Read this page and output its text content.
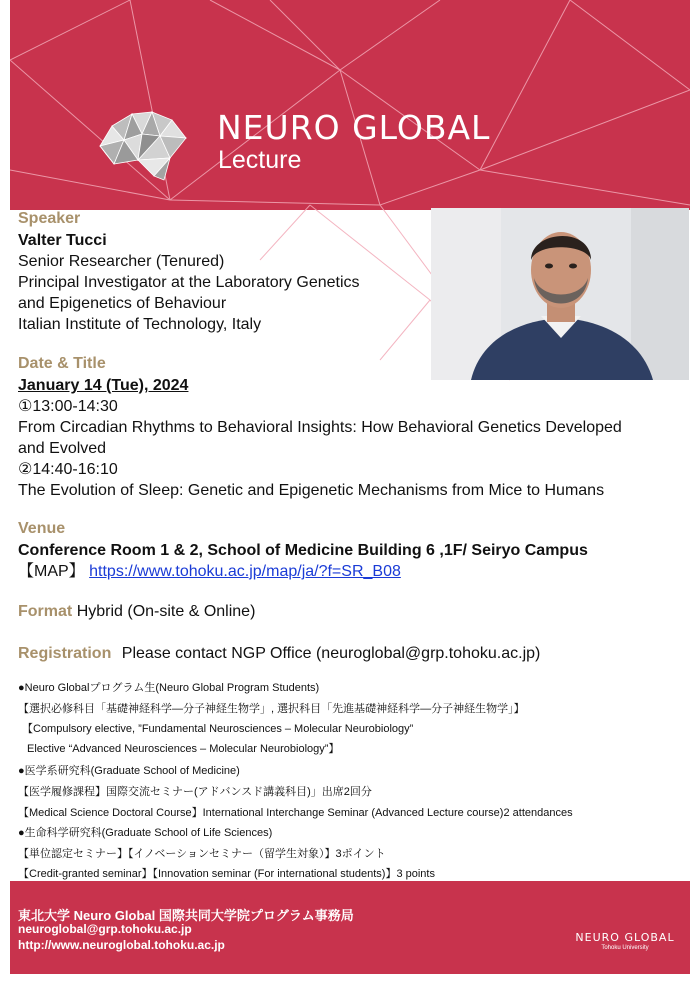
NEURO GLOBAL
Lecture
Speaker
Valter Tucci
Senior Researcher (Tenured)
Principal Investigator at the Laboratory Genetics
and Epigenetics of Behaviour
Italian Institute of Technology, Italy
Date & Title
January 14 (Tue), 2024
①13:00-14:30
From Circadian Rhythms to Behavioral Insights: How Behavioral Genetics Developed
and Evolved
②14:40-16:10
The Evolution of Sleep: Genetic and Epigenetic Mechanisms from Mice to Humans
Venue
Conference Room 1 & 2, School of Medicine Building 6 ,1F/ Seiryo Campus
【MAP】 https://www.tohoku.ac.jp/map/ja/?f=SR_B08
Format Hybrid (On-site & Online)
Registration Please contact NGP Office (neuroglobal@grp.tohoku.ac.jp)
●Neuro Globalプログラム生(Neuro Global Program Students)
【選択必修科目「基礎神経科学―分子神経生物学」, 選択科目「先進基礎神経科学―分子神経生物学」】
【Compulsory elective, ”Fundamental Neurosciences – Molecular Neurobiology”
Elective “Advanced Neurosciences – Molecular Neurobiology”】
●医学系研究科(Graduate School of Medicine)
【医学履修課程】国際交流セミナー(アドバンスド講義科目)」出席2回分
【Medical Science Doctoral Course】International Interchange Seminar (Advanced Lecture course)2 attendances
●生命科学研究科(Graduate School of Life Sciences)
【単位認定セミナー】【イノベーションセミナー（留学生対象）】3ポイント
【Credit-granted seminar】【Innovation seminar (For international students)】3 points
東北大学 Neuro Global 国際共同大学院プログラム事務局
neuroglobal@grp.tohoku.ac.jp
http://www.neuroglobal.tohoku.ac.jp
NEURO GLOBAL
Tohoku University
